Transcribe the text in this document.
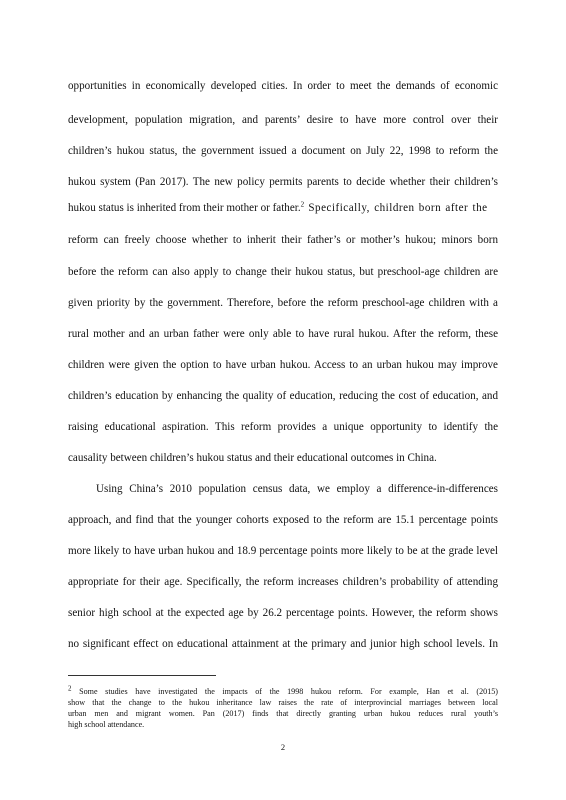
opportunities in economically developed cities. In order to meet the demands of economic
development, population migration, and parents’ desire to have more control over their
children’s hukou status, the government issued a document on July 22, 1998 to reform the
hukou system (Pan 2017). The new policy permits parents to decide whether their children’s
hukou status is inherited from their mother or father.$^2$ Specifically, children born after the
reform can freely choose whether to inherit their father’s or mother’s hukou; minors born
before the reform can also apply to change their hukou status, but preschool-age children are
given priority by the government. Therefore, before the reform preschool-age children with a
rural mother and an urban father were only able to have rural hukou. After the reform, these
children were given the option to have urban hukou. Access to an urban hukou may improve
children’s education by enhancing the quality of education, reducing the cost of education, and
raising educational aspiration. This reform provides a unique opportunity to identify the
causality between children’s hukou status and their educational outcomes in China.
Using China’s 2010 population census data, we employ a difference-in-differences
approach, and find that the younger cohorts exposed to the reform are 15.1 percentage points
more likely to have urban hukou and 18.9 percentage points more likely to be at the grade level
appropriate for their age. Specifically, the reform increases children’s probability of attending
senior high school at the expected age by 26.2 percentage points. However, the reform shows
no significant effect on educational attainment at the primary and junior high school levels. In
$^2$ Some studies have investigated the impacts of the 1998 hukou reform. For example, Han et al. (2015)
show that the change to the hukou inheritance law raises the rate of interprovincial marriages between local
urban men and migrant women. Pan (2017) finds that directly granting urban hukou reduces rural youth’s
high school attendance.
2
